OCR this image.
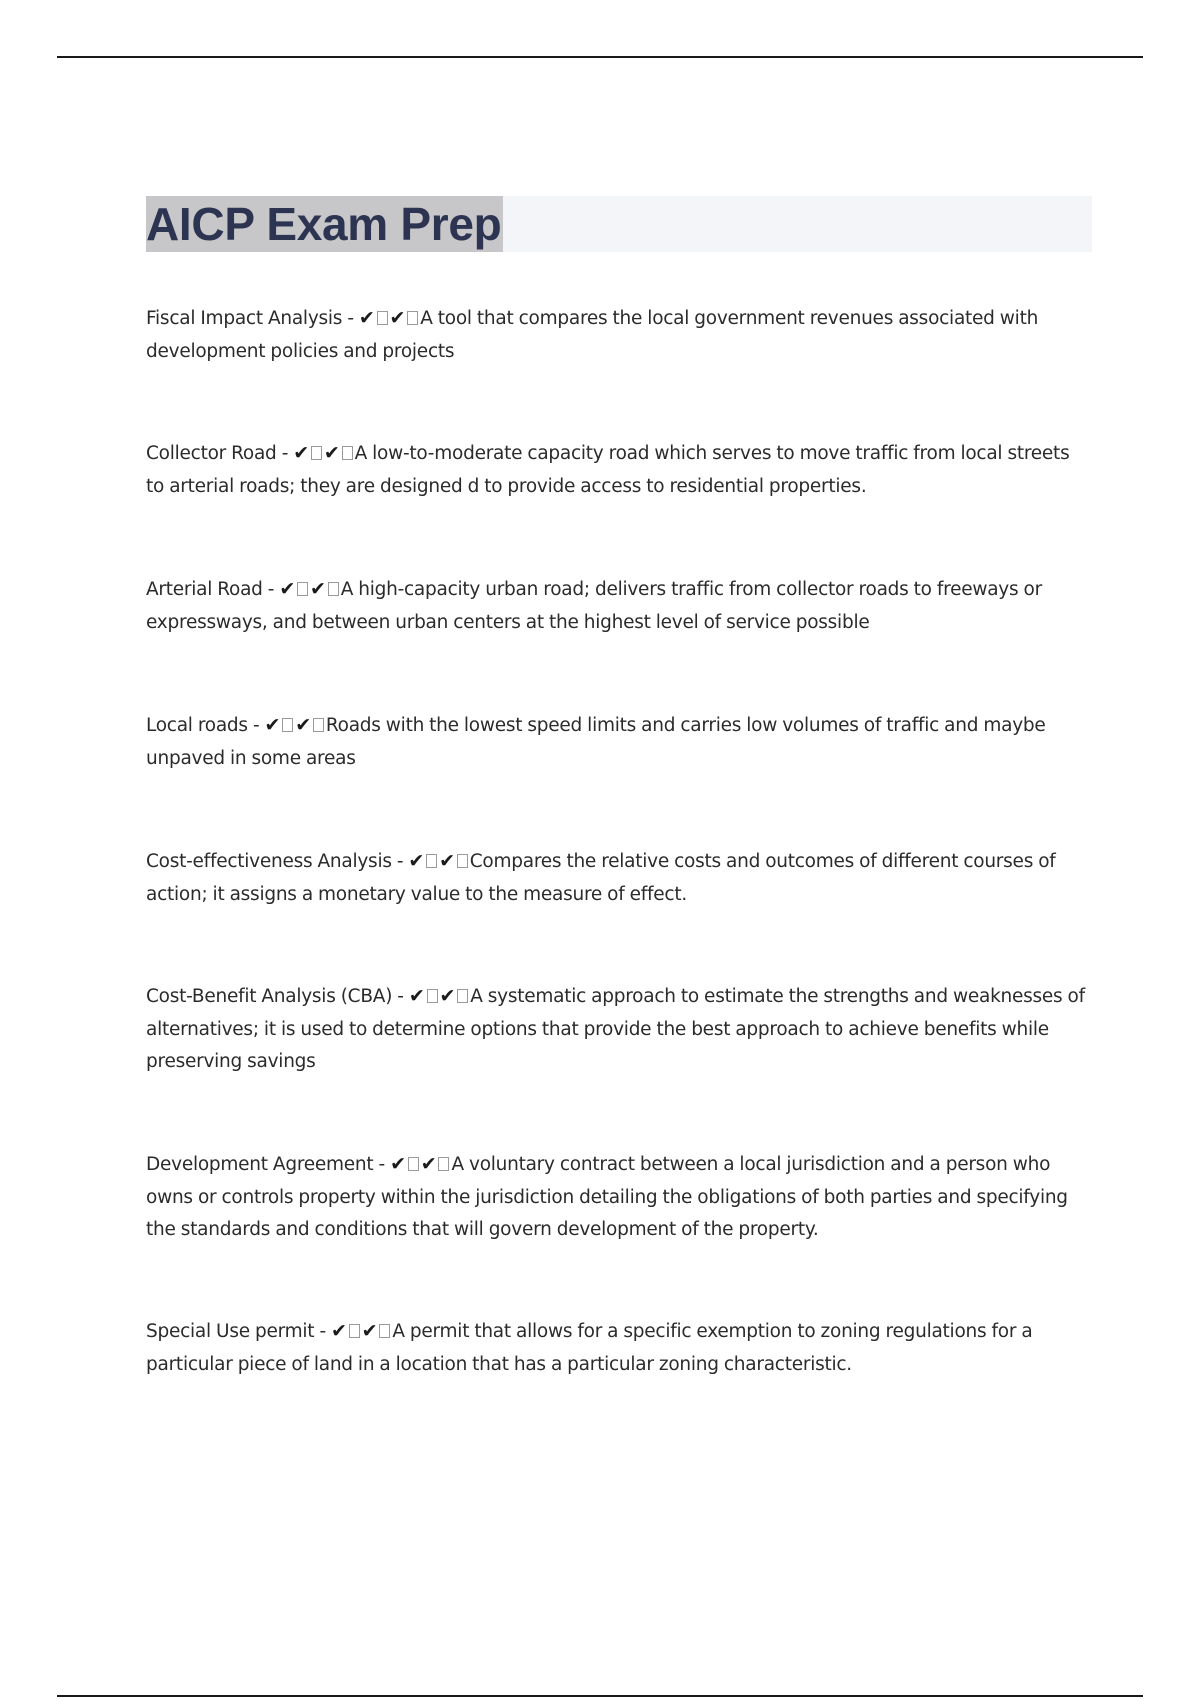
AICP Exam Prep

Fiscal Impact Analysis - ✔ ✔ A tool that compares the local government revenues associated with development policies and projects

Collector Road - ✔ ✔ A low-to-moderate capacity road which serves to move traffic from local streets to arterial roads; they are designed d to provide access to residential properties.

Arterial Road - ✔ ✔ A high-capacity urban road; delivers traffic from collector roads to freeways or expressways, and between urban centers at the highest level of service possible

Local roads - ✔ ✔ Roads with the lowest speed limits and carries low volumes of traffic and maybe unpaved in some areas

Cost-effectiveness Analysis - ✔ ✔ Compares the relative costs and outcomes of different courses of action; it assigns a monetary value to the measure of effect.

Cost-Benefit Analysis (CBA) - ✔ ✔ A systematic approach to estimate the strengths and weaknesses of alternatives; it is used to determine options that provide the best approach to achieve benefits while preserving savings

Development Agreement - ✔ ✔ A voluntary contract between a local jurisdiction and a person who owns or controls property within the jurisdiction detailing the obligations of both parties and specifying the standards and conditions that will govern development of the property.

Special Use permit - ✔ ✔ A permit that allows for a specific exemption to zoning regulations for a particular piece of land in a location that has a particular zoning characteristic.
